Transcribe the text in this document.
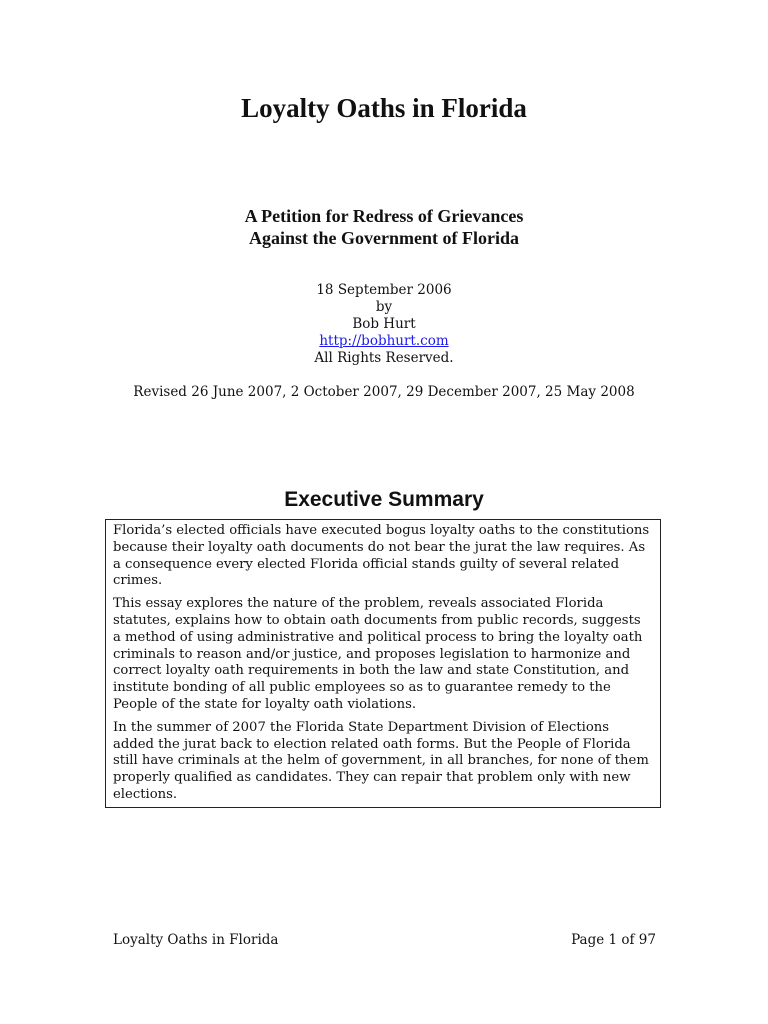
Loyalty Oaths in Florida
A Petition for Redress of Grievances
Against the Government of Florida
18 September 2006
by
Bob Hurt
http://bobhurt.com
All Rights Reserved.
Revised 26 June 2007, 2 October 2007, 29 December 2007, 25 May 2008
Executive Summary

Florida’s elected officials have executed bogus loyalty oaths to the constitutions because their loyalty oath documents do not bear the jurat the law requires. As a consequence every elected Florida official stands guilty of several related crimes.

This essay explores the nature of the problem, reveals associated Florida statutes, explains how to obtain oath documents from public records, suggests a method of using administrative and political process to bring the loyalty oath criminals to reason and/or justice, and proposes legislation to harmonize and correct loyalty oath requirements in both the law and state Constitution, and institute bonding of all public employees so as to guarantee remedy to the People of the state for loyalty oath violations.

In the summer of 2007 the Florida State Department Division of Elections added the jurat back to election related oath forms. But the People of Florida still have criminals at the helm of government, in all branches, for none of them properly qualified as candidates. They can repair that problem only with new elections.

Loyalty Oaths in Florida	Page 1 of 97
